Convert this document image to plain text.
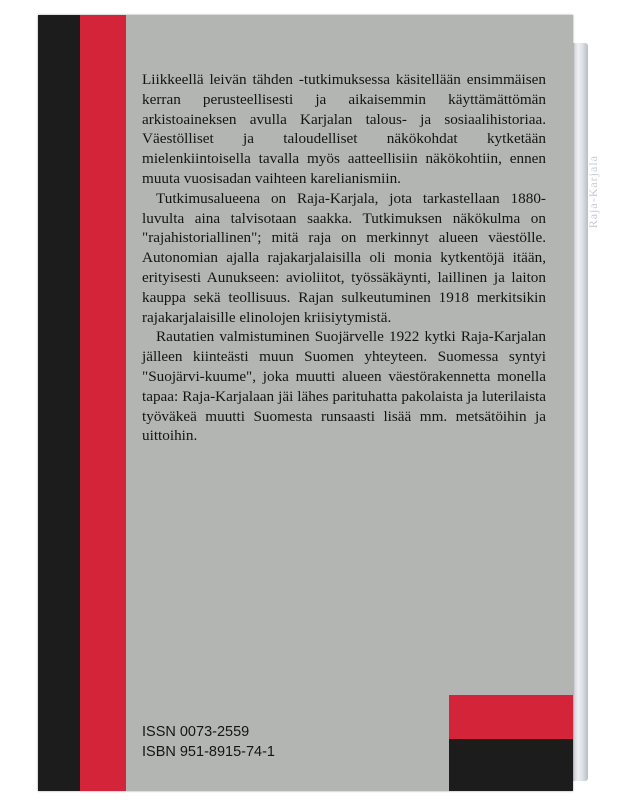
Raja-Karjala

Liikkeellä leivän tähden -tutkimuksessa käsitellään ensimmäisen kerran perusteellisesti ja aikaisemmin käyttämättömän arkistoaineksen avulla Karjalan talous- ja sosiaalihistoriaa. Väestölliset ja taloudelliset näkökohdat kytketään mielenkiintoisella tavalla myös aatteellisiin näkökohtiin, ennen muuta vuosisadan vaihteen karelianismiin.

Tutkimusalueena on Raja-Karjala, jota tarkastellaan 1880-luvulta aina talvisotaan saakka. Tutkimuksen näkökulma on "rajahistoriallinen"; mitä raja on merkinnyt alueen väestölle. Autonomian ajalla rajakarjalaisilla oli monia kytkentöjä itään, erityisesti Aunukseen: avioliitot, työssäkäynti, laillinen ja laiton kauppa sekä teollisuus. Rajan sulkeutuminen 1918 merkitsikin rajakarjalaisille elinolojen kriisiytymistä.

Rautatien valmistuminen Suojärvelle 1922 kytki Raja-Karjalan jälleen kiinteästi muun Suomen yhteyteen. Suomessa syntyi "Suojärvi-kuume", joka muutti alueen väestörakennetta monella tapaa: Raja-Karjalaan jäi lähes parituhatta pakolaista ja luterilaista työväkeä muutti Suomesta runsaasti lisää mm. metsätöihin ja uittoihin.

ISSN 0073-2559
ISBN 951-8915-74-1
